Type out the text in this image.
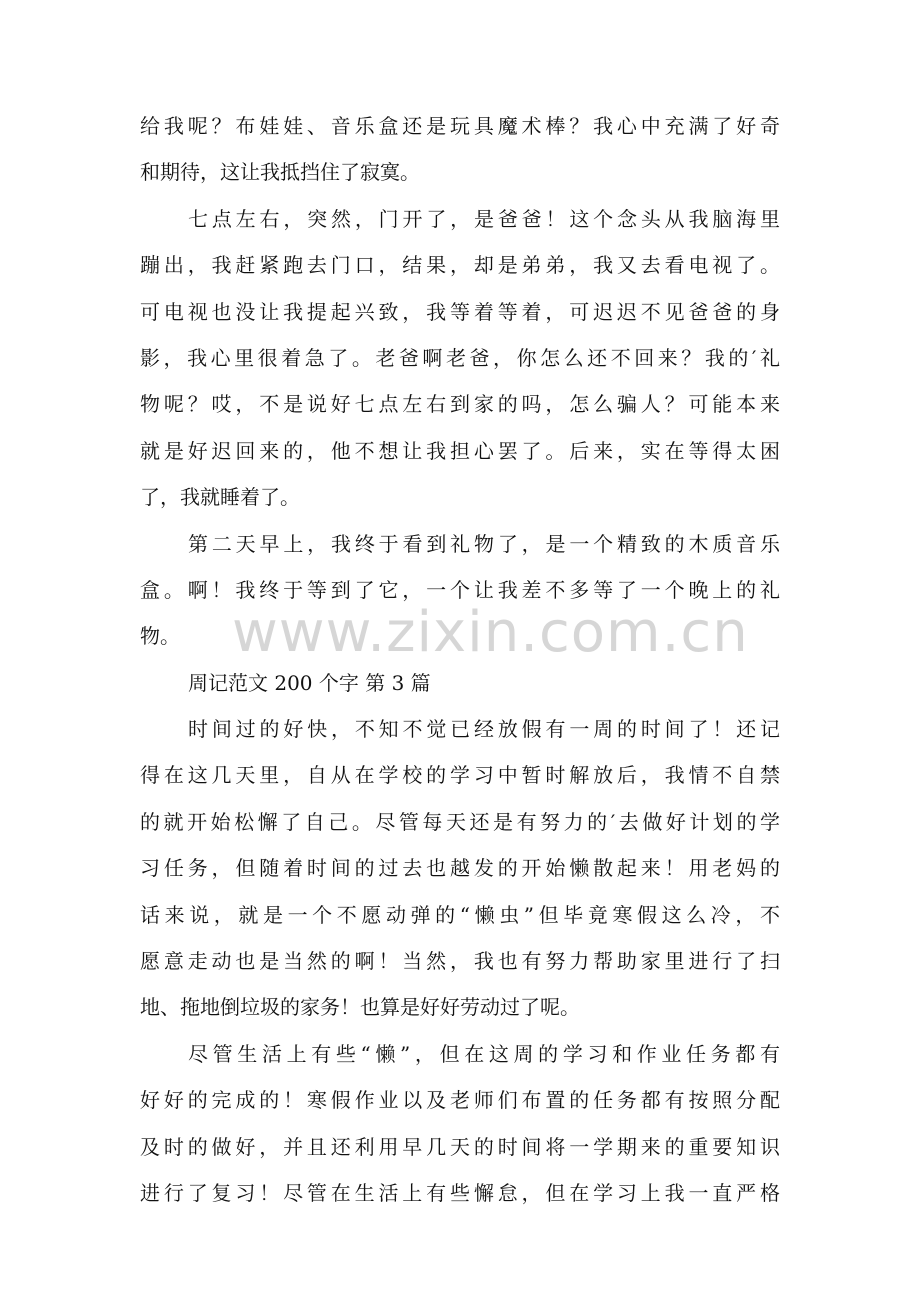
给我呢？布娃娃、音乐盒还是玩具魔术棒？我心中充满了好奇
和期待，这让我抵挡住了寂寞。
七点左右，突然，门开了，是爸爸！这个念头从我脑海里
蹦出，我赶紧跑去门口，结果，却是弟弟，我又去看电视了。
可电视也没让我提起兴致，我等着等着，可迟迟不见爸爸的身
影，我心里很着急了。老爸啊老爸，你怎么还不回来？我的′礼
物呢？哎，不是说好七点左右到家的吗，怎么骗人？可能本来
就是好迟回来的，他不想让我担心罢了。后来，实在等得太困
了，我就睡着了。
第二天早上，我终于看到礼物了，是一个精致的木质音乐
盒。啊！我终于等到了它，一个让我差不多等了一个晚上的礼
物。
周记范文 200 个字 第 3 篇
时间过的好快，不知不觉已经放假有一周的时间了！还记
得在这几天里，自从在学校的学习中暂时解放后，我情不自禁
的就开始松懈了自己。尽管每天还是有努力的′去做好计划的学
习任务，但随着时间的过去也越发的开始懒散起来！用老妈的
话来说，就是一个不愿动弹的“懒虫”但毕竟寒假这么冷，不
愿意走动也是当然的啊！当然，我也有努力帮助家里进行了扫
地、拖地倒垃圾的家务！也算是好好劳动过了呢。
尽管生活上有些“懒”，但在这周的学习和作业任务都有
好好的完成的！寒假作业以及老师们布置的任务都有按照分配
及时的做好，并且还利用早几天的时间将一学期来的重要知识
进行了复习！尽管在生活上有些懈怠，但在学习上我一直严格
www.zixin.com.cn
